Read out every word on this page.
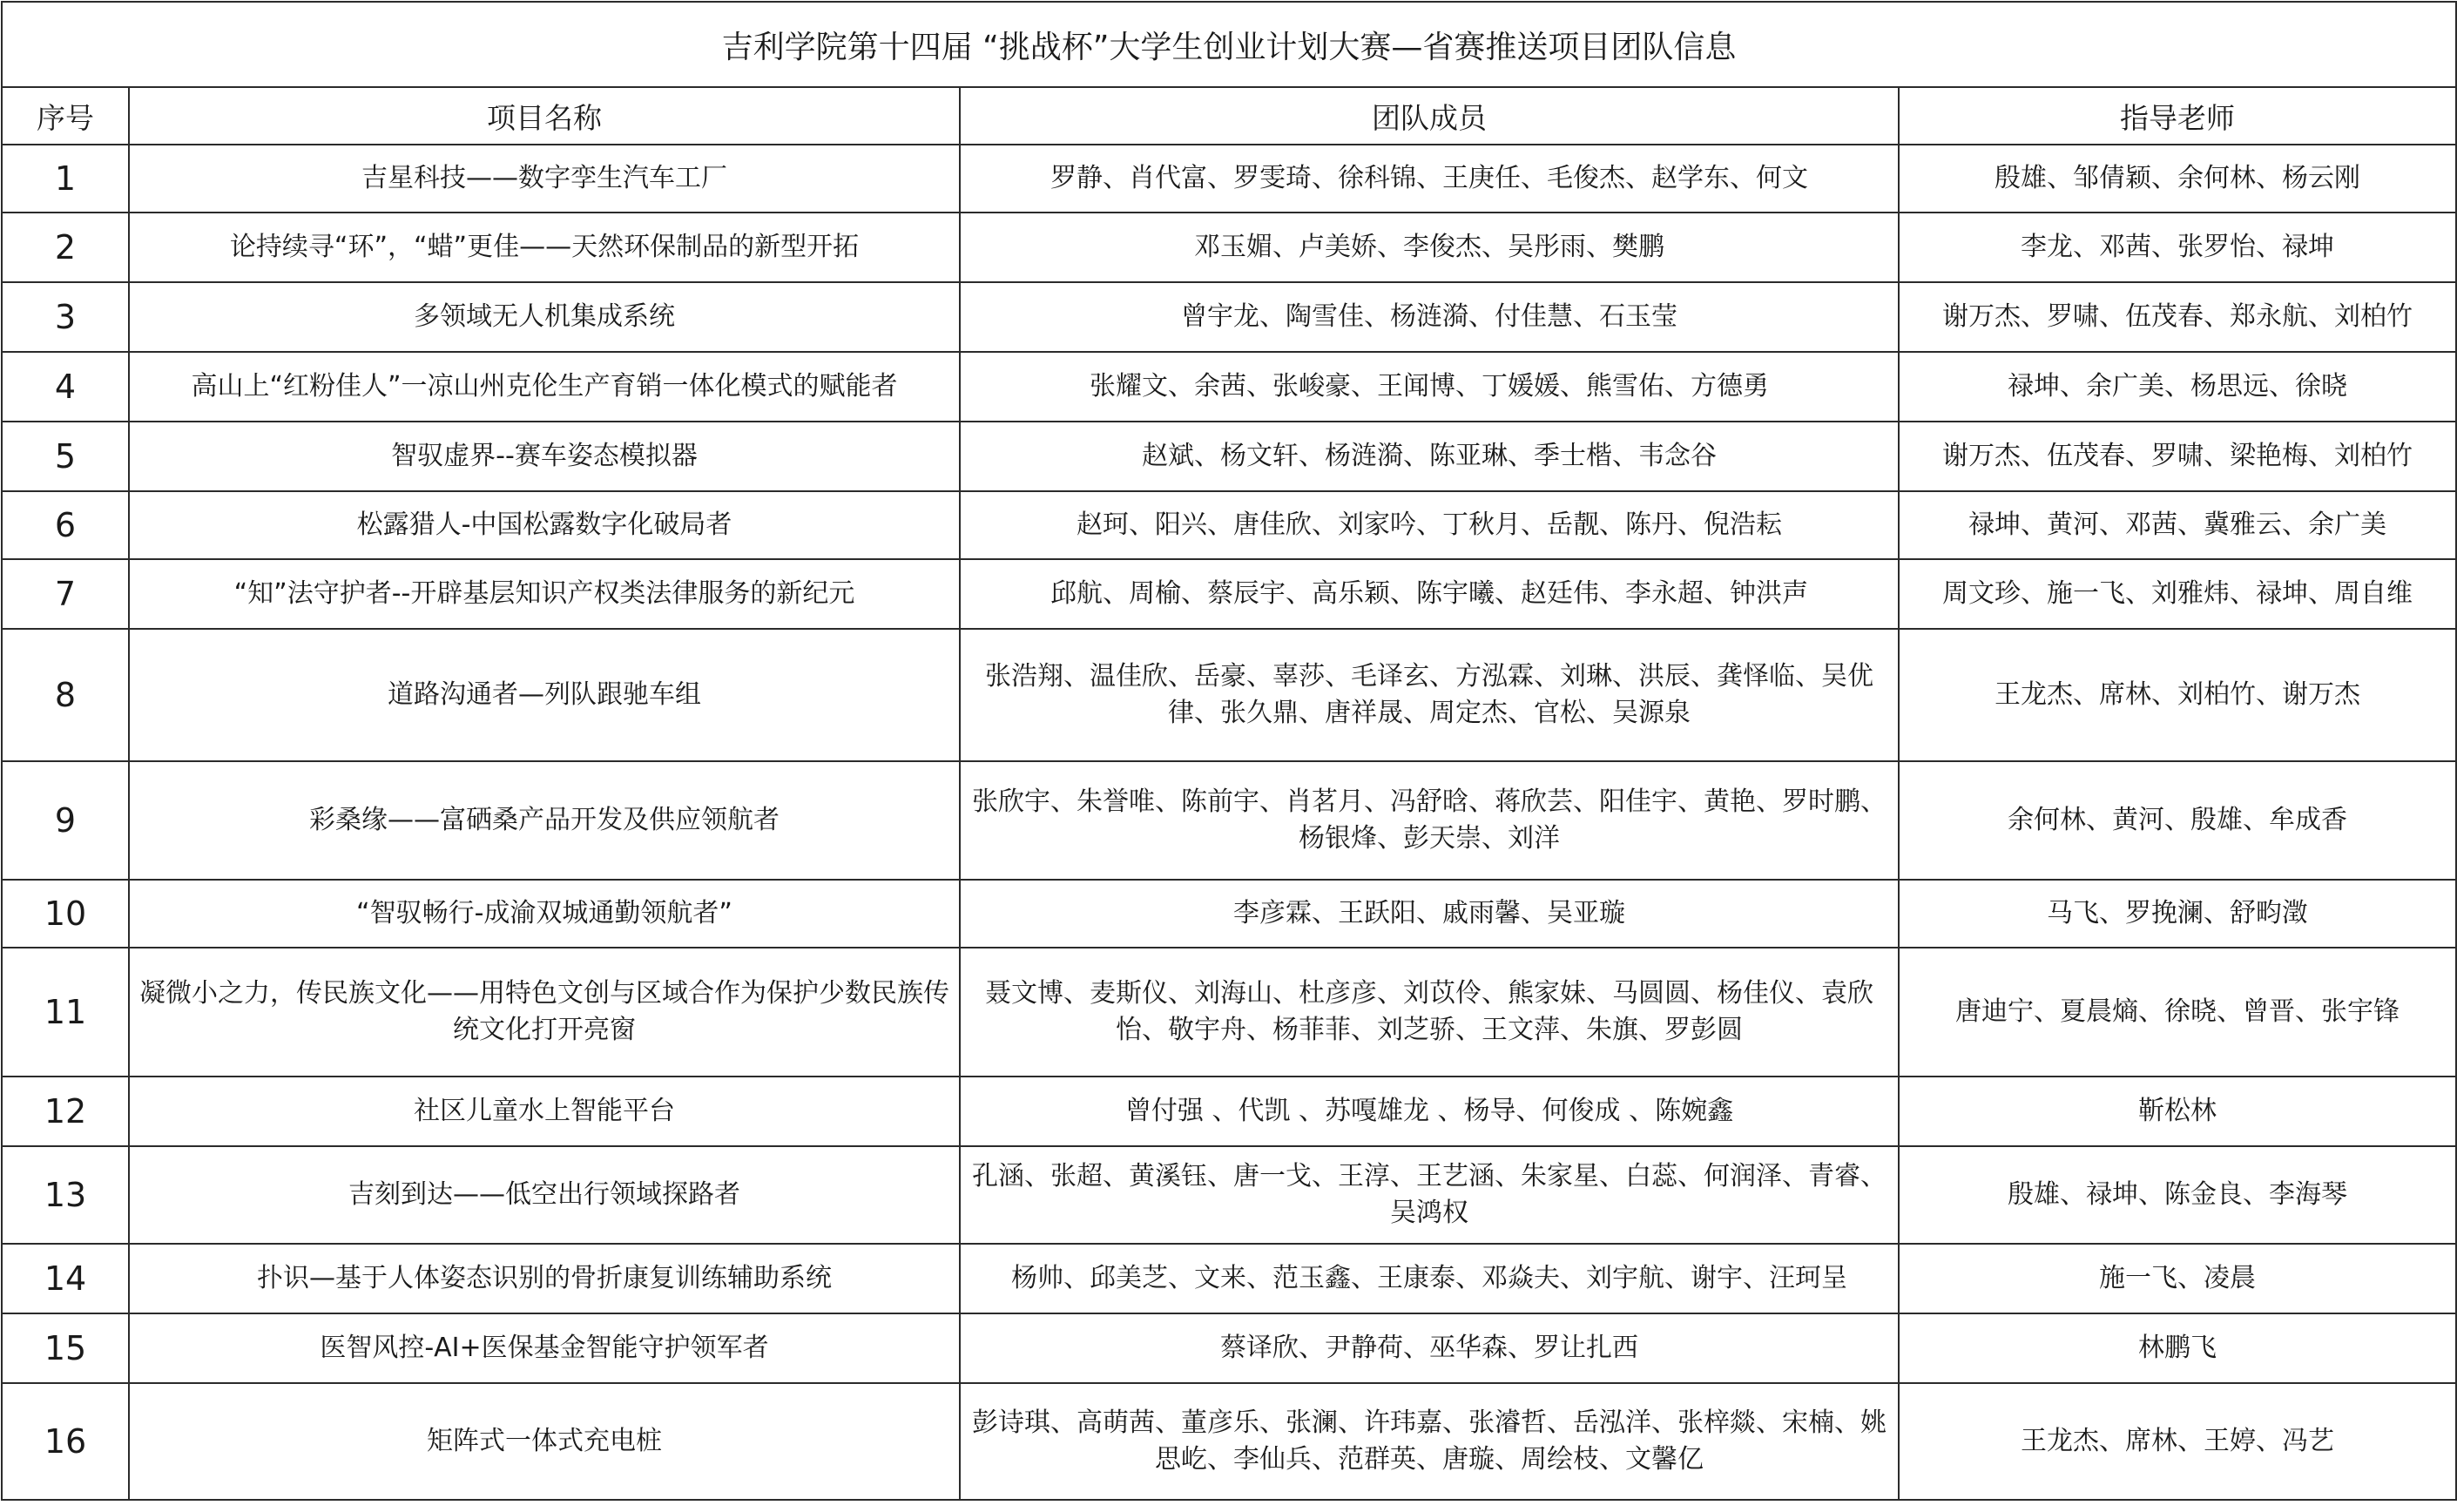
吉利学院第十四届 “挑战杯”大学生创业计划大赛—省赛推送项目团队信息			
序号	项目名称	团队成员	指导老师
1	吉星科技——数字孪生汽车工厂	罗静、肖代富、罗雯琦、徐科锦、王庚任、毛俊杰、赵学东、何文	殷雄、邹倩颖、余何林、杨云刚
2	论持续寻“环”，“蜡”更佳——天然环保制品的新型开拓	邓玉媚、卢美娇、李俊杰、吴彤雨、樊鹏	李龙、邓茜、张罗怡、禄坤
3	多领域无人机集成系统	曾宇龙、陶雪佳、杨涟漪、付佳慧、石玉莹	谢万杰、罗啸、伍茂春、郑永航、刘柏竹
4	高山上“红粉佳人”一凉山州克伦生产育销一体化模式的赋能者	张耀文、余茜、张峻豪、王闻博、丁媛媛、熊雪佑、方德勇	禄坤、余广美、杨思远、徐晓
5	智驭虚界--赛车姿态模拟器	赵斌、杨文轩、杨涟漪、陈亚琳、季士楷、韦念谷	谢万杰、伍茂春、罗啸、梁艳梅、刘柏竹
6	松露猎人-中国松露数字化破局者	赵珂、阳兴、唐佳欣、刘家吟、丁秋月、岳靓、陈丹、倪浩耘	禄坤、黄河、邓茜、冀雅云、余广美
7	“知”法守护者--开辟基层知识产权类法律服务的新纪元	邱航、周榆、蔡辰宇、高乐颖、陈宇曦、赵廷伟、李永超、钟洪声	周文珍、施一飞、刘雅炜、禄坤、周自维
8	道路沟通者—列队跟驰车组	张浩翔、温佳欣、岳豪、辜莎、毛译玄、方泓霖、刘琳、洪辰、龚怿临、吴优律、张久鼎、唐祥晟、周定杰、官松、吴源泉	王龙杰、席林、刘柏竹、谢万杰
9	彩桑缘——富硒桑产品开发及供应领航者	张欣宇、朱誉唯、陈前宇、肖茗月、冯舒晗、蒋欣芸、阳佳宇、黄艳、罗时鹏、杨银烽、彭天崇、刘洋	余何林、黄河、殷雄、牟成香
10	“智驭畅行-成渝双城通勤领航者”	李彦霖、王跃阳、戚雨馨、吴亚璇	马飞、罗挽澜、舒畇澂
11	凝微小之力，传民族文化——用特色文创与区域合作为保护少数民族传统文化打开亮窗	聂文博、麦斯仪、刘海山、杜彦彦、刘苡伶、熊家妹、马圆圆、杨佳仪、袁欣怡、敬宇舟、杨菲菲、刘芝骄、王文萍、朱旗、罗彭圆	唐迪宁、夏晨熵、徐晓、曾晋、张宇锋
12	社区儿童水上智能平台	曾付强 、代凯 、苏嘎雄龙 、杨导、何俊成 、陈婉鑫	靳松林
13	吉刻到达——低空出行领域探路者	孔涵、张超、黄溪钰、唐一戈、王淳、王艺涵、朱家星、白蕊、何润泽、青睿、吴鸿权	殷雄、禄坤、陈金良、李海琴
14	扑识—基于人体姿态识别的骨折康复训练辅助系统	杨帅、邱美芝、文来、范玉鑫、王康泰、邓焱夫、刘宇航、谢宇、汪珂呈	施一飞、凌晨
15	医智风控-AI+医保基金智能守护领军者	蔡译欣、尹静荷、巫华森、罗让扎西	林鹏飞
16	矩阵式一体式充电桩	彭诗琪、高萌茜、董彦乐、张澜、许玮嘉、张濬哲、岳泓洋、张梓燚、宋楠、姚思屹、李仙兵、范群英、唐璇、周绘枝、文馨亿	王龙杰、席林、王婷、冯艺
